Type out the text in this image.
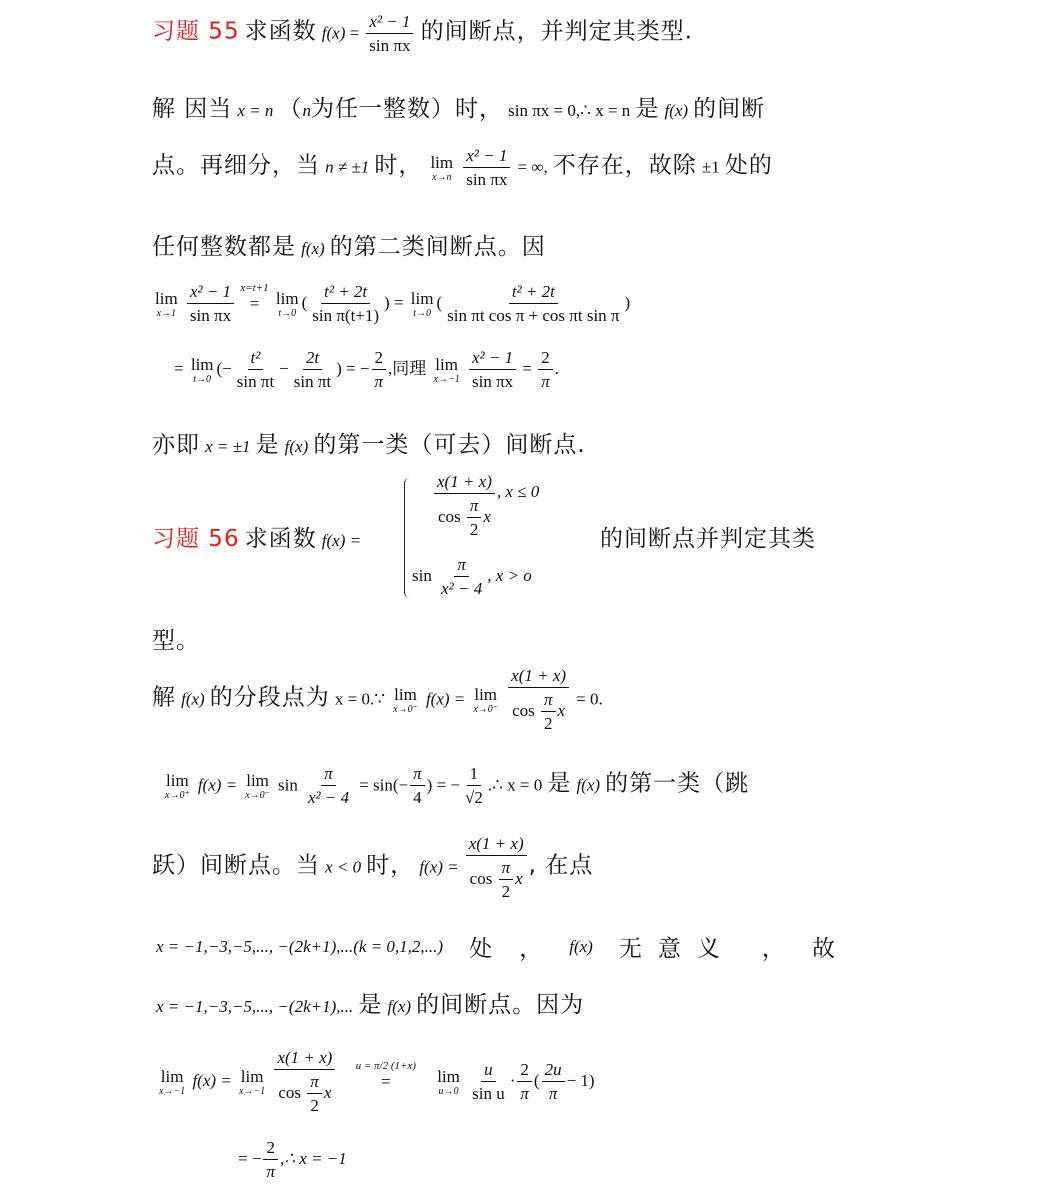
习题 55 求函数 $f(x) = \frac{\text{x² − 1}}{\text{sin πx}}$ 的间断点，并判定其类型.
解 因当 x = n （n为任一整数）时， sin πx = 0,∴ x = n 是 f(x) 的间断
点。再细分，当 n ≠ ±1 时， lim
x→n
$\frac{\text{x² − 1}}{\text{sin πx}}$ = ∞, 不存在，故除 ±1 处的
任何整数都是 f(x) 的第二类间断点。因
lim
x→1
$\frac{\text{x² − 1}}{\text{sin πx}}$
x=t+1
=

lim
t→0
( $\frac{\text{t² + 2t}}{\text{sin π(t+1)}}$ ) = lim
t→0
( $\frac{\text{t² + 2t}}{\text{sin πt cos π + cos πt sin π}}$ )
= lim
t→0
(− $\frac{\text{t²}}{\text{sin πt}} - \frac{2t}{\text{sin πt}}$ ) = − $\frac{2}{\pi}$ ,同理 lim
x→−1
$\frac{\text{x² − 1}}{\text{sin πx}} = \frac{2}{\pi}$ .
亦即 x = ±1 是 f(x) 的第一类（可去）间断点.
习题 56 求函数 f(x) =
$\frac{x(1 + x)}{\cos \frac{\pi}{2} x}$ , x ≤ 0
$\sin \frac{\pi}{\text{x² − 4}}$ , x > o
的间断点并判定其类
型。
解 f(x) 的分段点为 x = 0.∵ lim
x→0⁻
f(x) = lim
x→0⁻
$\frac{x(1 + x)}{\cos \frac{\pi}{2} x} = 0$.
lim
x→0⁺
f(x) = lim
x→0⁻
$\sin \frac{\pi}{\text{x² − 4}} = \sin(- \frac{\pi}{4}$ ) = − $\frac{1}{√2}$ .∴ x = 0 是 f(x) 的第一类（跳
跃）间断点。当 x < 0 时， $f(x) = \frac{x(1 + x)}{\cos \frac{\pi}{2} x}$ , 在点
x = −1,−3,−5,..., −(2k+1),...(k = 0,1,2,...) 处 ， f(x) 无意义 ， 故
x = −1,−3,−5,..., −(2k+1),... 是 f(x) 的间断点。因为
lim
x→−1
f(x) = lim
x→−1
$\frac{x(1 + x)}{\cos \frac{\pi}{2} x}$
u = π/2 (1+x)
=

	lim
u→0
$\frac{u}{\text{sin u}} \cdot \frac{2}{\pi}$ ( $\frac{2u}{\pi} - 1$)
= − $\frac{2}{\pi}$ ,∴ x = −1
